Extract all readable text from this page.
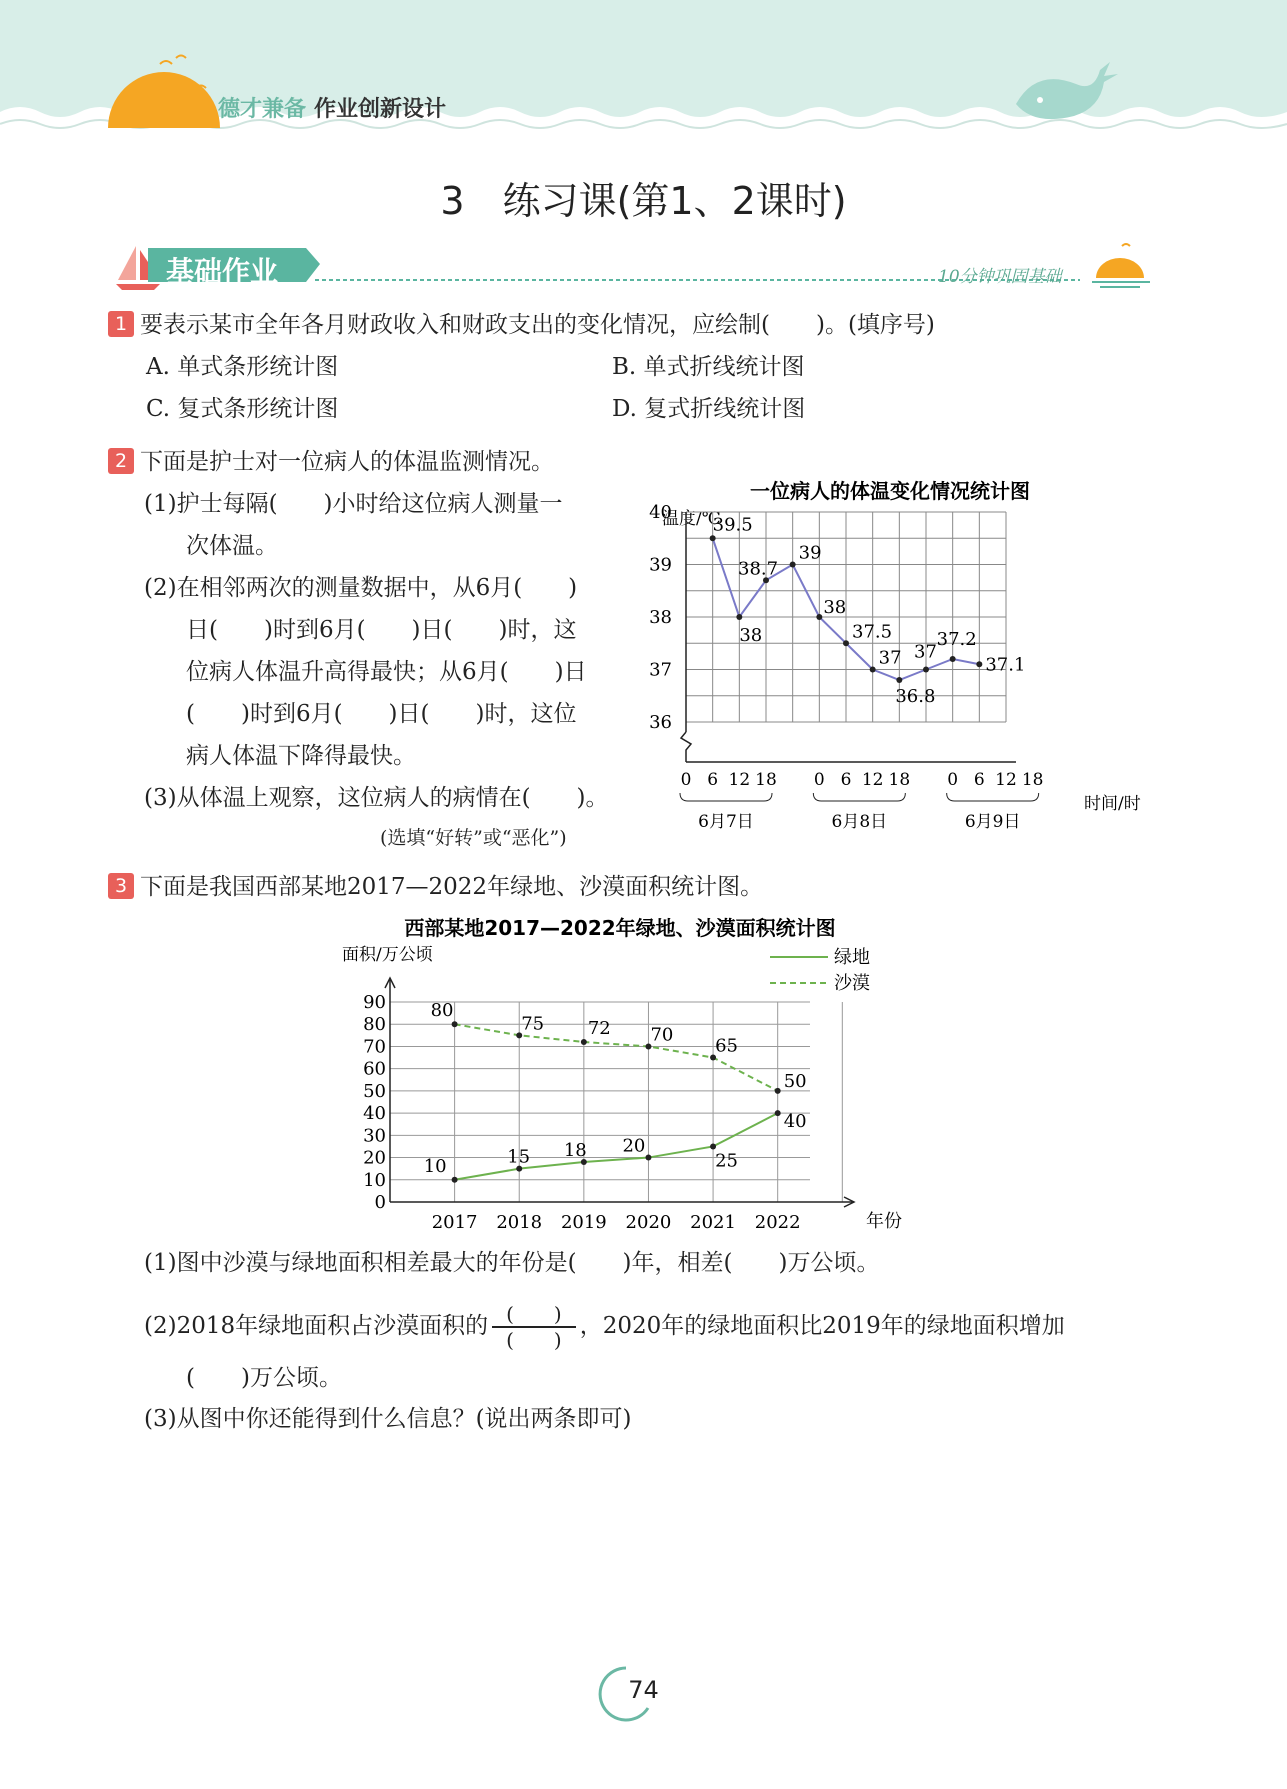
德才兼备 作业创新设计
3　练习课(第1、2课时)
基础作业	10分钟巩固基础
1 要表示某市全年各月财政收入和财政支出的变化情况，应绘制(　　)。(填序号)
A. 单式条形统计图	B. 单式折线统计图
C. 复式条形统计图	D. 复式折线统计图
2 下面是护士对一位病人的体温监测情况。
(1)护士每隔(　　)小时给这位病人测量一
次体温。
(2)在相邻两次的测量数据中，从6月(　　)
日(　　)时到6月(　　)日(　　)时，这
位病人体温升高得最快；从6月(　　)日
(　　)时到6月(　　)日(　　)时，这位
病人体温下降得最快。
(3)从体温上观察，这位病人的病情在(　　)。
(选填“好转”或“恶化”)
一位病人的体温变化情况统计图
温度/℃
36
37
38
39
40
0 6 12 18 0 6 12 18 0 6 12 18
6月7日	6月8日	6月9日
39.5
38
38.7
39
38
37.5
37
36.8
37
37.2
37.1
时间/时
3 下面是我国西部某地2017—2022年绿地、沙漠面积统计图。
西部某地2017—2022年绿地、沙漠面积统计图
面积/万公顷	绿地
沙漠
0
10
20
30
40
50
60
70
80
90
2017 2018 2019 2020 2021 2022
10	15 18 20
25
40
80
75 72 70
65
50
年份
(1)图中沙漠与绿地面积相差最大的年份是(　　)年，相差(　　)万公顷。
(2)2018年绿地面积占沙漠面积的 $\frac{( )}{( )}$ ，2020年的绿地面积比2019年的绿地面积增加
(　　)万公顷。
(3)从图中你还能得到什么信息？(说出两条即可)
74
